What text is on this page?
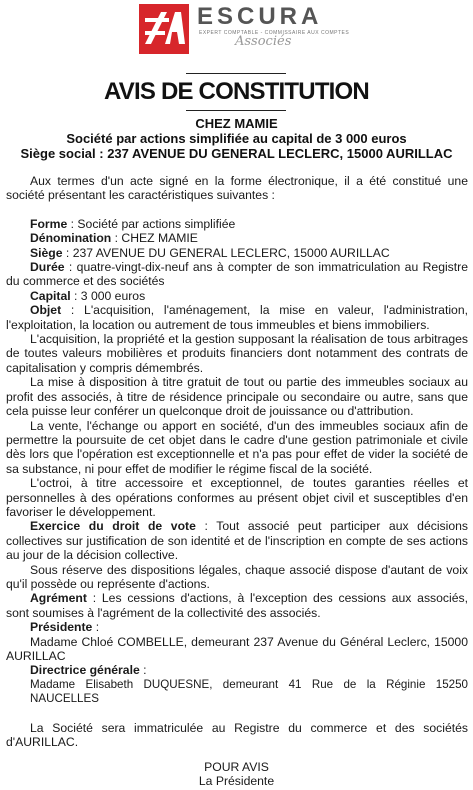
ESCURA
EXPERT COMPTABLE - COMMISSAIRE AUX COMPTES
Associés
AVIS DE CONSTITUTION
CHEZ MAMIE
Société par actions simplifiée au capital de 3 000 euros
Siège social : 237 AVENUE DU GENERAL LECLERC, 15000 AURILLAC

Aux termes d'un acte signé en la forme électronique, il a été constitué une société présentant les caractéristiques suivantes :

Forme : Société par actions simplifiée

Dénomination : CHEZ MAMIE

Siège : 237 AVENUE DU GENERAL LECLERC, 15000 AURILLAC

Durée : quatre-vingt-dix-neuf ans à compter de son immatriculation au Registre du commerce et des sociétés

Capital : 3 000 euros

Objet : L'acquisition, l'aménagement, la mise en valeur, l'administration, l'exploitation, la location ou autrement de tous immeubles et biens immobiliers.

L'acquisition, la propriété et la gestion supposant la réalisation de tous arbitrages de toutes valeurs mobilières et produits financiers dont notamment des contrats de capitalisation y compris démembrés.

La mise à disposition à titre gratuit de tout ou partie des immeubles sociaux au profit des associés, à titre de résidence principale ou secondaire ou autre, sans que cela puisse leur conférer un quelconque droit de jouissance ou d'attribution.

La vente, l'échange ou apport en société, d'un des immeubles sociaux afin de permettre la poursuite de cet objet dans le cadre d'une gestion patrimoniale et civile dès lors que l'opération est exceptionnelle et n'a pas pour effet de vider la société de sa substance, ni pour effet de modifier le régime fiscal de la société.

L'octroi, à titre accessoire et exceptionnel, de toutes garanties réelles et personnelles à des opérations conformes au présent objet civil et susceptibles d'en favoriser le développement.

Exercice du droit de vote : Tout associé peut participer aux décisions collectives sur justification de son identité et de l'inscription en compte de ses actions au jour de la décision collective.

Sous réserve des dispositions légales, chaque associé dispose d'autant de voix qu'il possède ou représente d'actions.

Agrément : Les cessions d'actions, à l'exception des cessions aux associés, sont soumises à l'agrément de la collectivité des associés.

Présidente :

Madame Chloé COMBELLE, demeurant 237 Avenue du Général Leclerc, 15000 AURILLAC

Directrice générale :

Madame Elisabeth DUQUESNE, demeurant 41 Rue de la Réginie 15250 NAUCELLES

La Société sera immatriculée au Registre du commerce et des sociétés d'AURILLAC.

POUR AVIS
La Présidente
